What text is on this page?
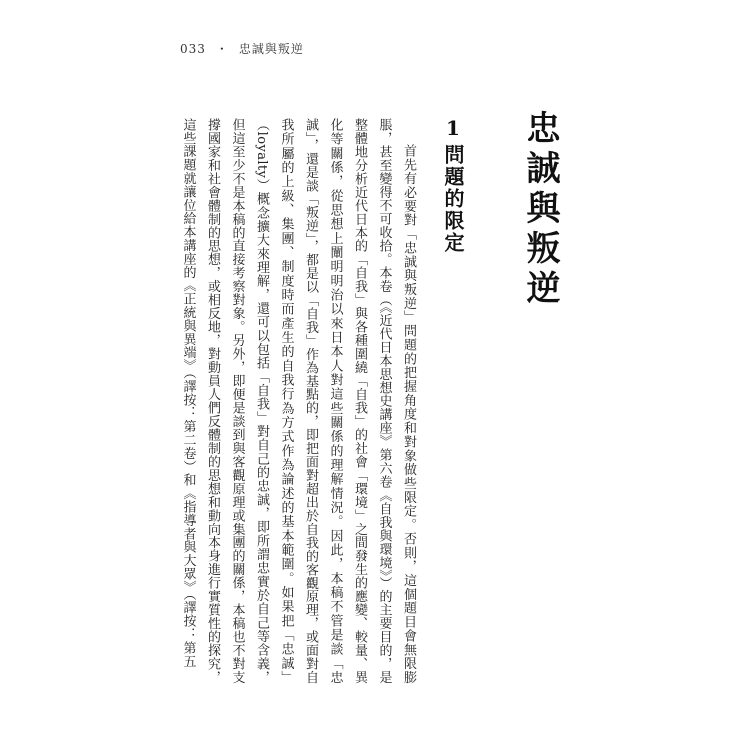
033 ・ 忠誠與叛逆
忠誠與叛逆
1問題的限定

首先有必要對「忠誠與叛逆」問題的把握角度和對象做些限定。否則，這個題目會無限膨脹，甚至變得不可收拾。本卷（《近代日本思想史講座》第六卷《自我與環境》）的主要目的，是整體地分析近代日本的「自我」與各種圍繞「自我」的社會「環境」之間發生的應變、較量、異化等關係，從思想上闡明明治以來日本人對這些關係的理解情況。因此，本稿不管是談「忠誠」，還是談「叛逆」，都是以「自我」作為基點的，即把面對超出於自我的客觀原理，或面對自我所屬的上級、集團、制度時而產生的自我行為方式作為論述的基本範圍。如果把「忠誠」（loyalty）概念擴大來理解，還可以包括「自我」對自己的忠誠，即所謂忠實於自己等含義，但這至少不是本稿的直接考察對象。另外，即便是談到與客觀原理或集團的關係，本稿也不對支撐國家和社會體制的思想，或相反地，對動員人們反體制的思想和動向本身進行實質性的探究，這些課題就讓位給本講座的《正統與異端》（譯按：第二卷）和《指導者與大眾》（譯按：第五
